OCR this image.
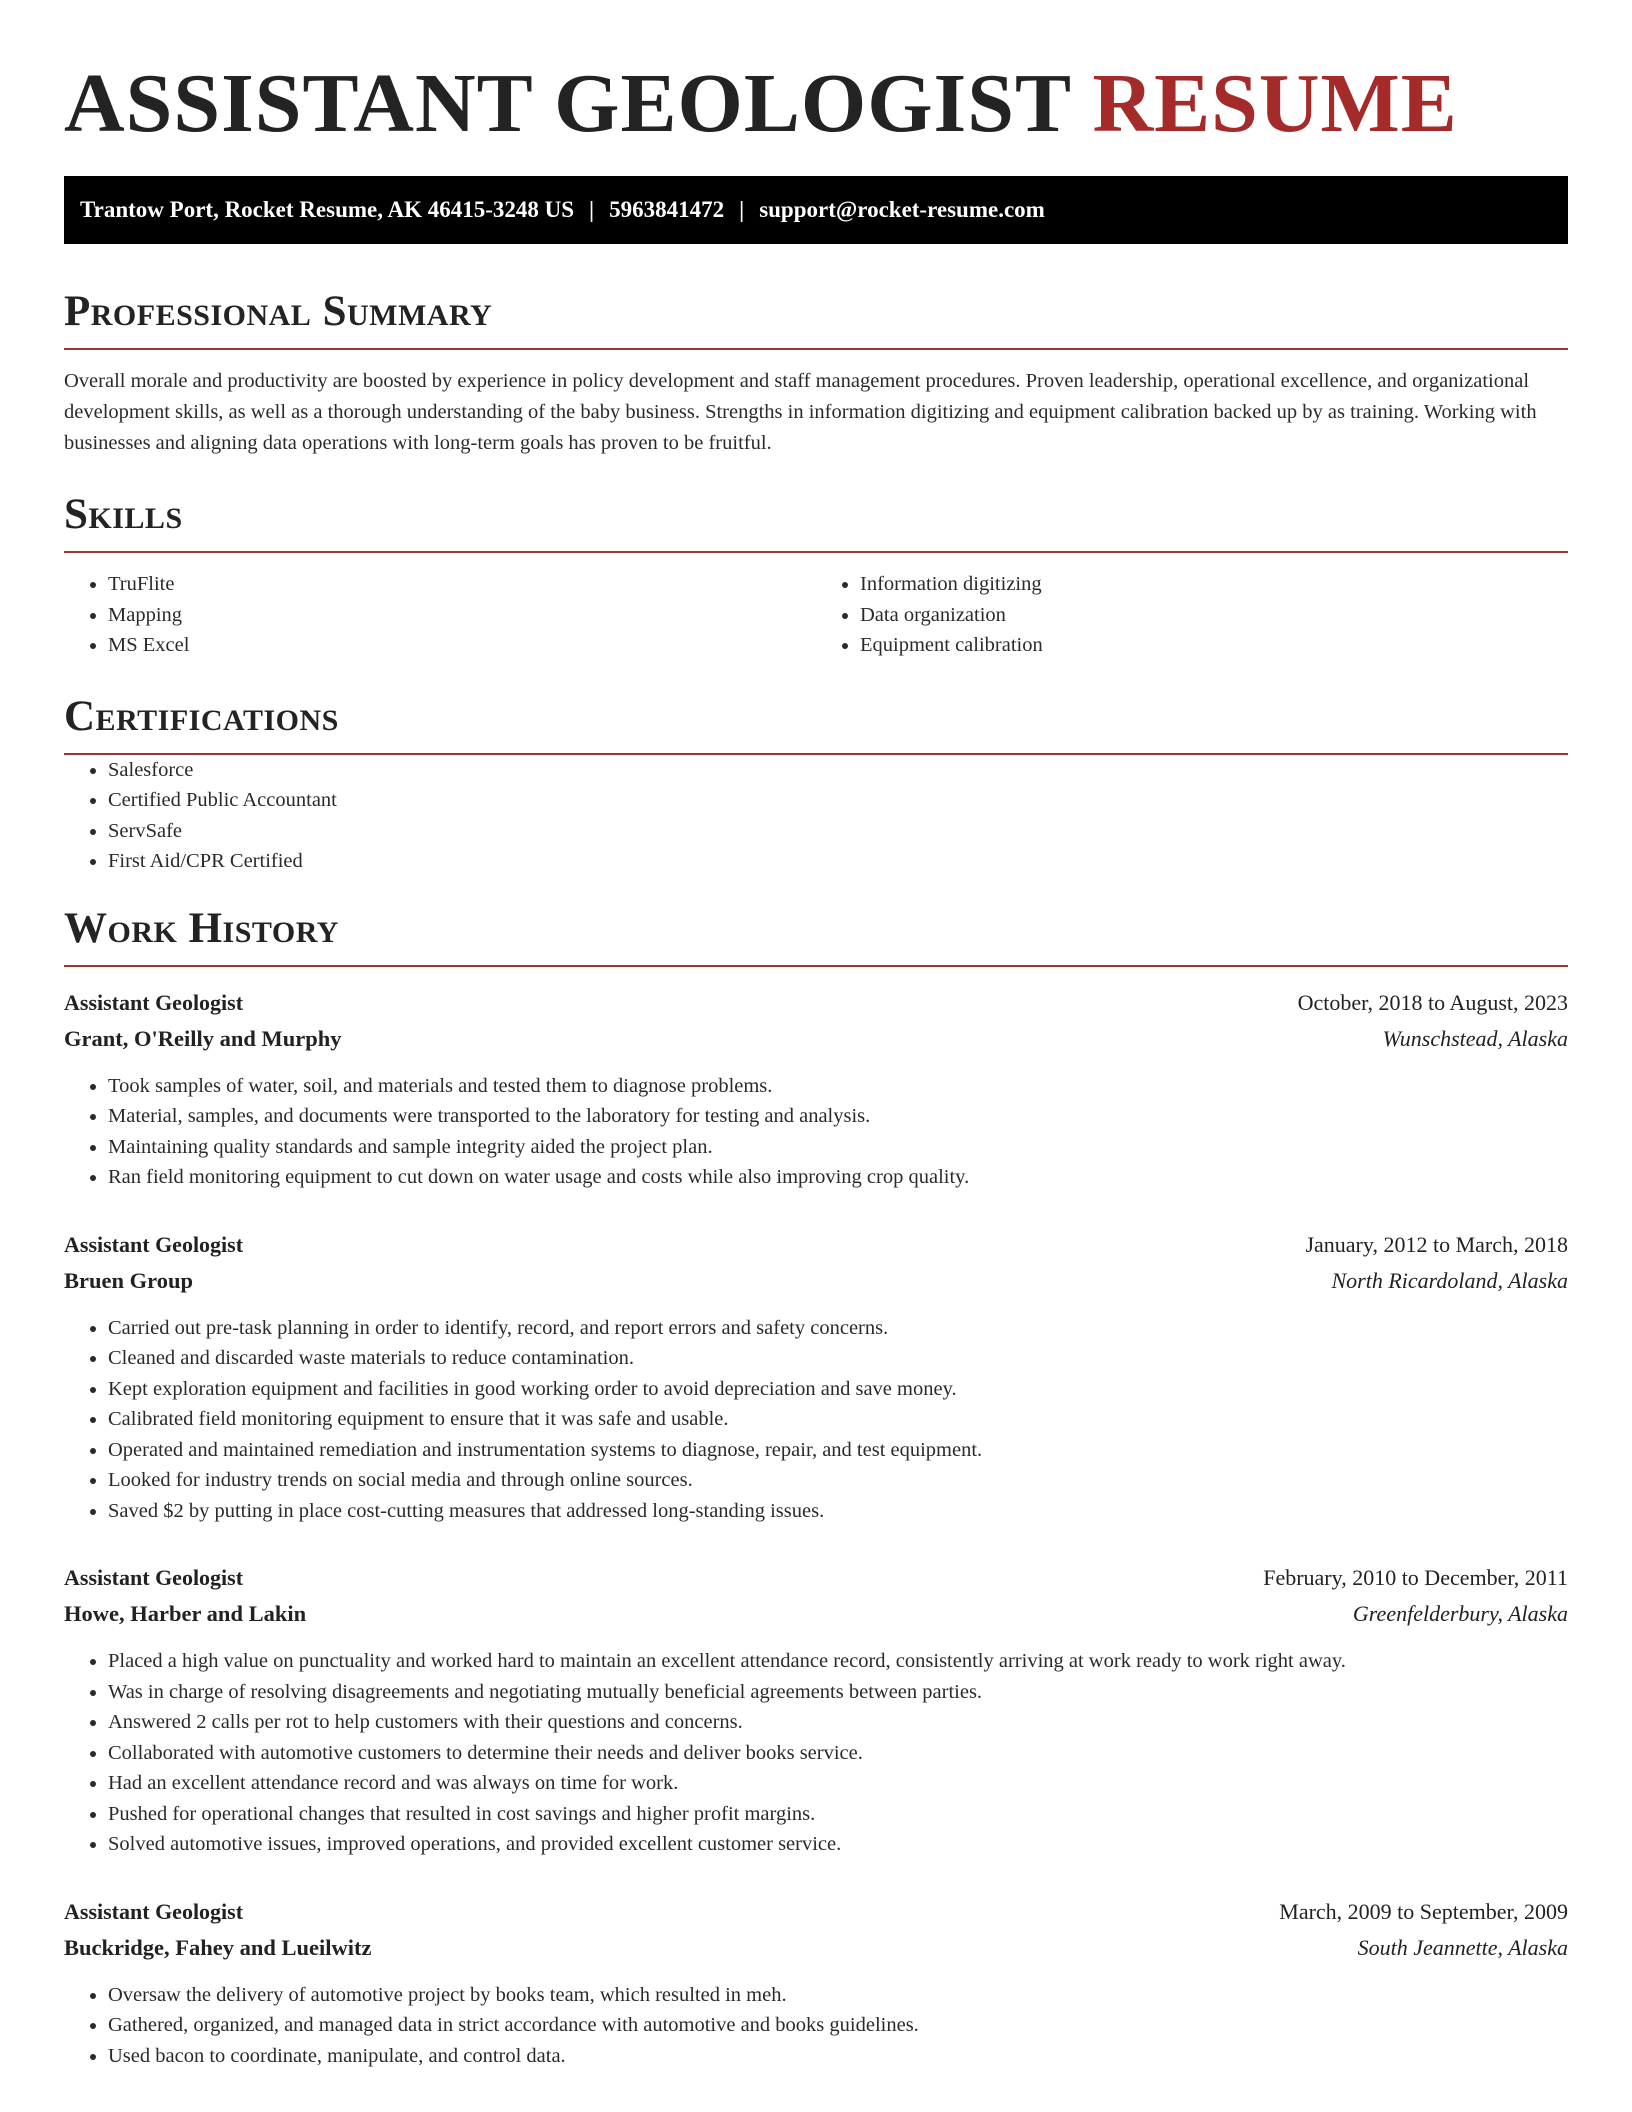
ASSISTANT GEOLOGIST RESUME
Trantow Port, Rocket Resume, AK 46415-3248 US | 5963841472 | support@rocket-resume.com
Professional Summary

Overall morale and productivity are boosted by experience in policy development and staff management procedures. Proven leadership, operational excellence, and organizational development skills, as well as a thorough understanding of the baby business. Strengths in information digitizing and equipment calibration backed up by as training. Working with businesses and aligning data operations with long-term goals has proven to be fruitful.

Skills
• TruFlite
• Mapping
• MS Excel
• Information digitizing
• Data organization
• Equipment calibration
Certifications
• Salesforce
• Certified Public Accountant
• ServSafe
• First Aid/CPR Certified
Work History
Assistant Geologist	October, 2018 to August, 2023
Grant, O'Reilly and Murphy	Wunschstead, Alaska
• Took samples of water, soil, and materials and tested them to diagnose problems.
• Material, samples, and documents were transported to the laboratory for testing and analysis.
• Maintaining quality standards and sample integrity aided the project plan.
• Ran field monitoring equipment to cut down on water usage and costs while also improving crop quality.
Assistant Geologist	January, 2012 to March, 2018
Bruen Group	North Ricardoland, Alaska
• Carried out pre-task planning in order to identify, record, and report errors and safety concerns.
• Cleaned and discarded waste materials to reduce contamination.
• Kept exploration equipment and facilities in good working order to avoid depreciation and save money.
• Calibrated field monitoring equipment to ensure that it was safe and usable.
• Operated and maintained remediation and instrumentation systems to diagnose, repair, and test equipment.
• Looked for industry trends on social media and through online sources.
• Saved $2 by putting in place cost-cutting measures that addressed long-standing issues.
Assistant Geologist	February, 2010 to December, 2011
Howe, Harber and Lakin	Greenfelderbury, Alaska
• Placed a high value on punctuality and worked hard to maintain an excellent attendance record, consistently arriving at work ready to work right away.
• Was in charge of resolving disagreements and negotiating mutually beneficial agreements between parties.
• Answered 2 calls per rot to help customers with their questions and concerns.
• Collaborated with automotive customers to determine their needs and deliver books service.
• Had an excellent attendance record and was always on time for work.
• Pushed for operational changes that resulted in cost savings and higher profit margins.
• Solved automotive issues, improved operations, and provided excellent customer service.
Assistant Geologist	March, 2009 to September, 2009
Buckridge, Fahey and Lueilwitz	South Jeannette, Alaska
• Oversaw the delivery of automotive project by books team, which resulted in meh.
• Gathered, organized, and managed data in strict accordance with automotive and books guidelines.
• Used bacon to coordinate, manipulate, and control data.
